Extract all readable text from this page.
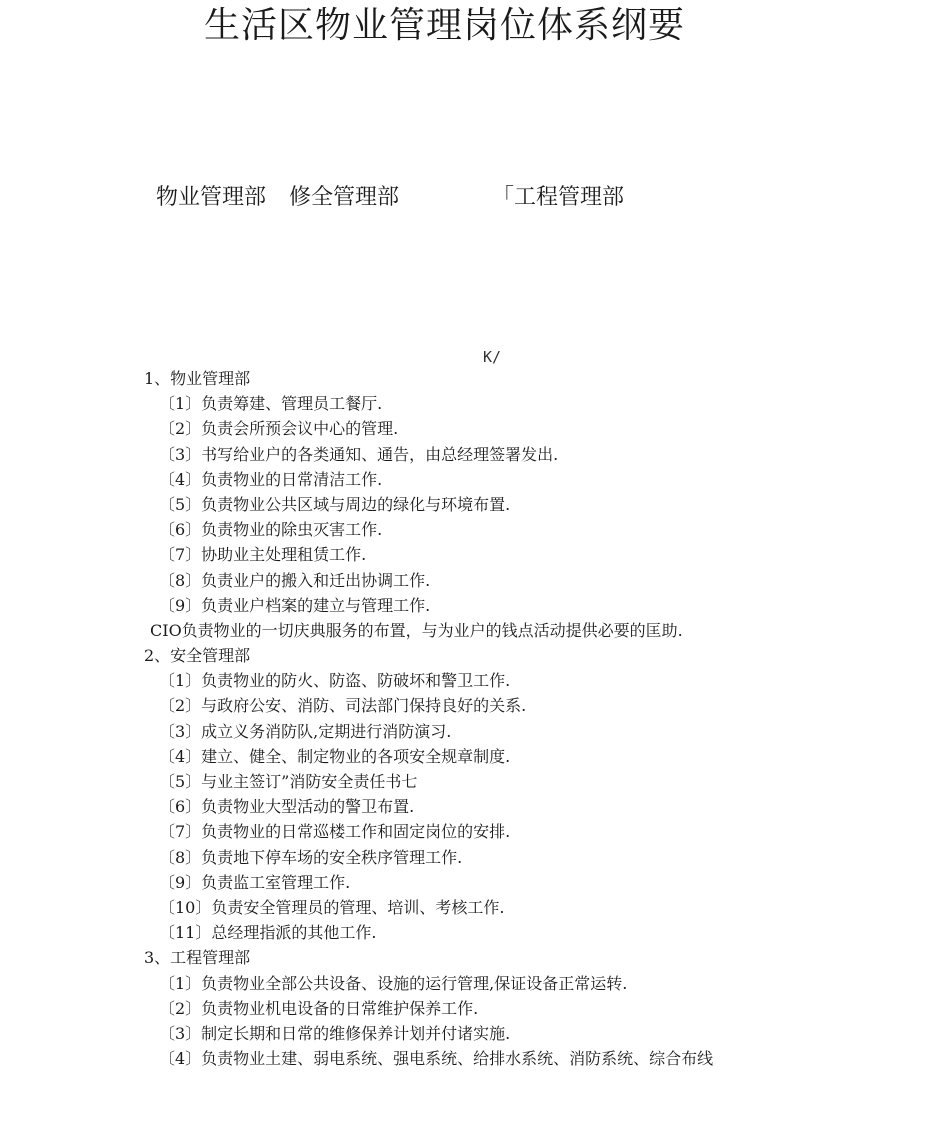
生活区物业管理岗位体系纲要
物业管理部 修全管理部	「工程管理部
K/
1、物业管理部
〔1〕负责筹建、管理员工餐厅.
〔2〕负责会所预会议中心的管理.
〔3〕书写给业户的各类通知、通告，由总经理签署发出.
〔4〕负责物业的日常清洁工作.
〔5〕负责物业公共区域与周边的绿化与环境布置.
〔6〕负责物业的除虫灭害工作.
〔7〕协助业主处理租赁工作.
〔8〕负责业户的搬入和迁出协调工作.
〔9〕负责业户档案的建立与管理工作.
CIO负责物业的一切庆典服务的布置，与为业户的钱点活动提供必要的匡助.
2、安全管理部
〔1〕负责物业的防火、防盗、防破坏和警卫工作.
〔2〕与政府公安、消防、司法部门保持良好的关系.
〔3〕成立义务消防队,定期进行消防演习.
〔4〕建立、健全、制定物业的各项安全规章制度.
〔5〕与业主签订”消防安全责任书七
〔6〕负责物业大型活动的警卫布置.
〔7〕负责物业的日常巡楼工作和固定岗位的安排.
〔8〕负责地下停车场的安全秩序管理工作.
〔9〕负责监工室管理工作.
〔10〕负责安全管理员的管理、培训、考核工作.
〔11〕总经理指派的其他工作.
3、工程管理部
〔1〕负责物业全部公共设备、设施的运行管理,保证设备正常运转.
〔2〕负责物业机电设备的日常维护保养工作.
〔3〕制定长期和日常的维修保养计划并付诸实施.
〔4〕负责物业土建、弱电系统、强电系统、给排水系统、消防系统、综合布线
